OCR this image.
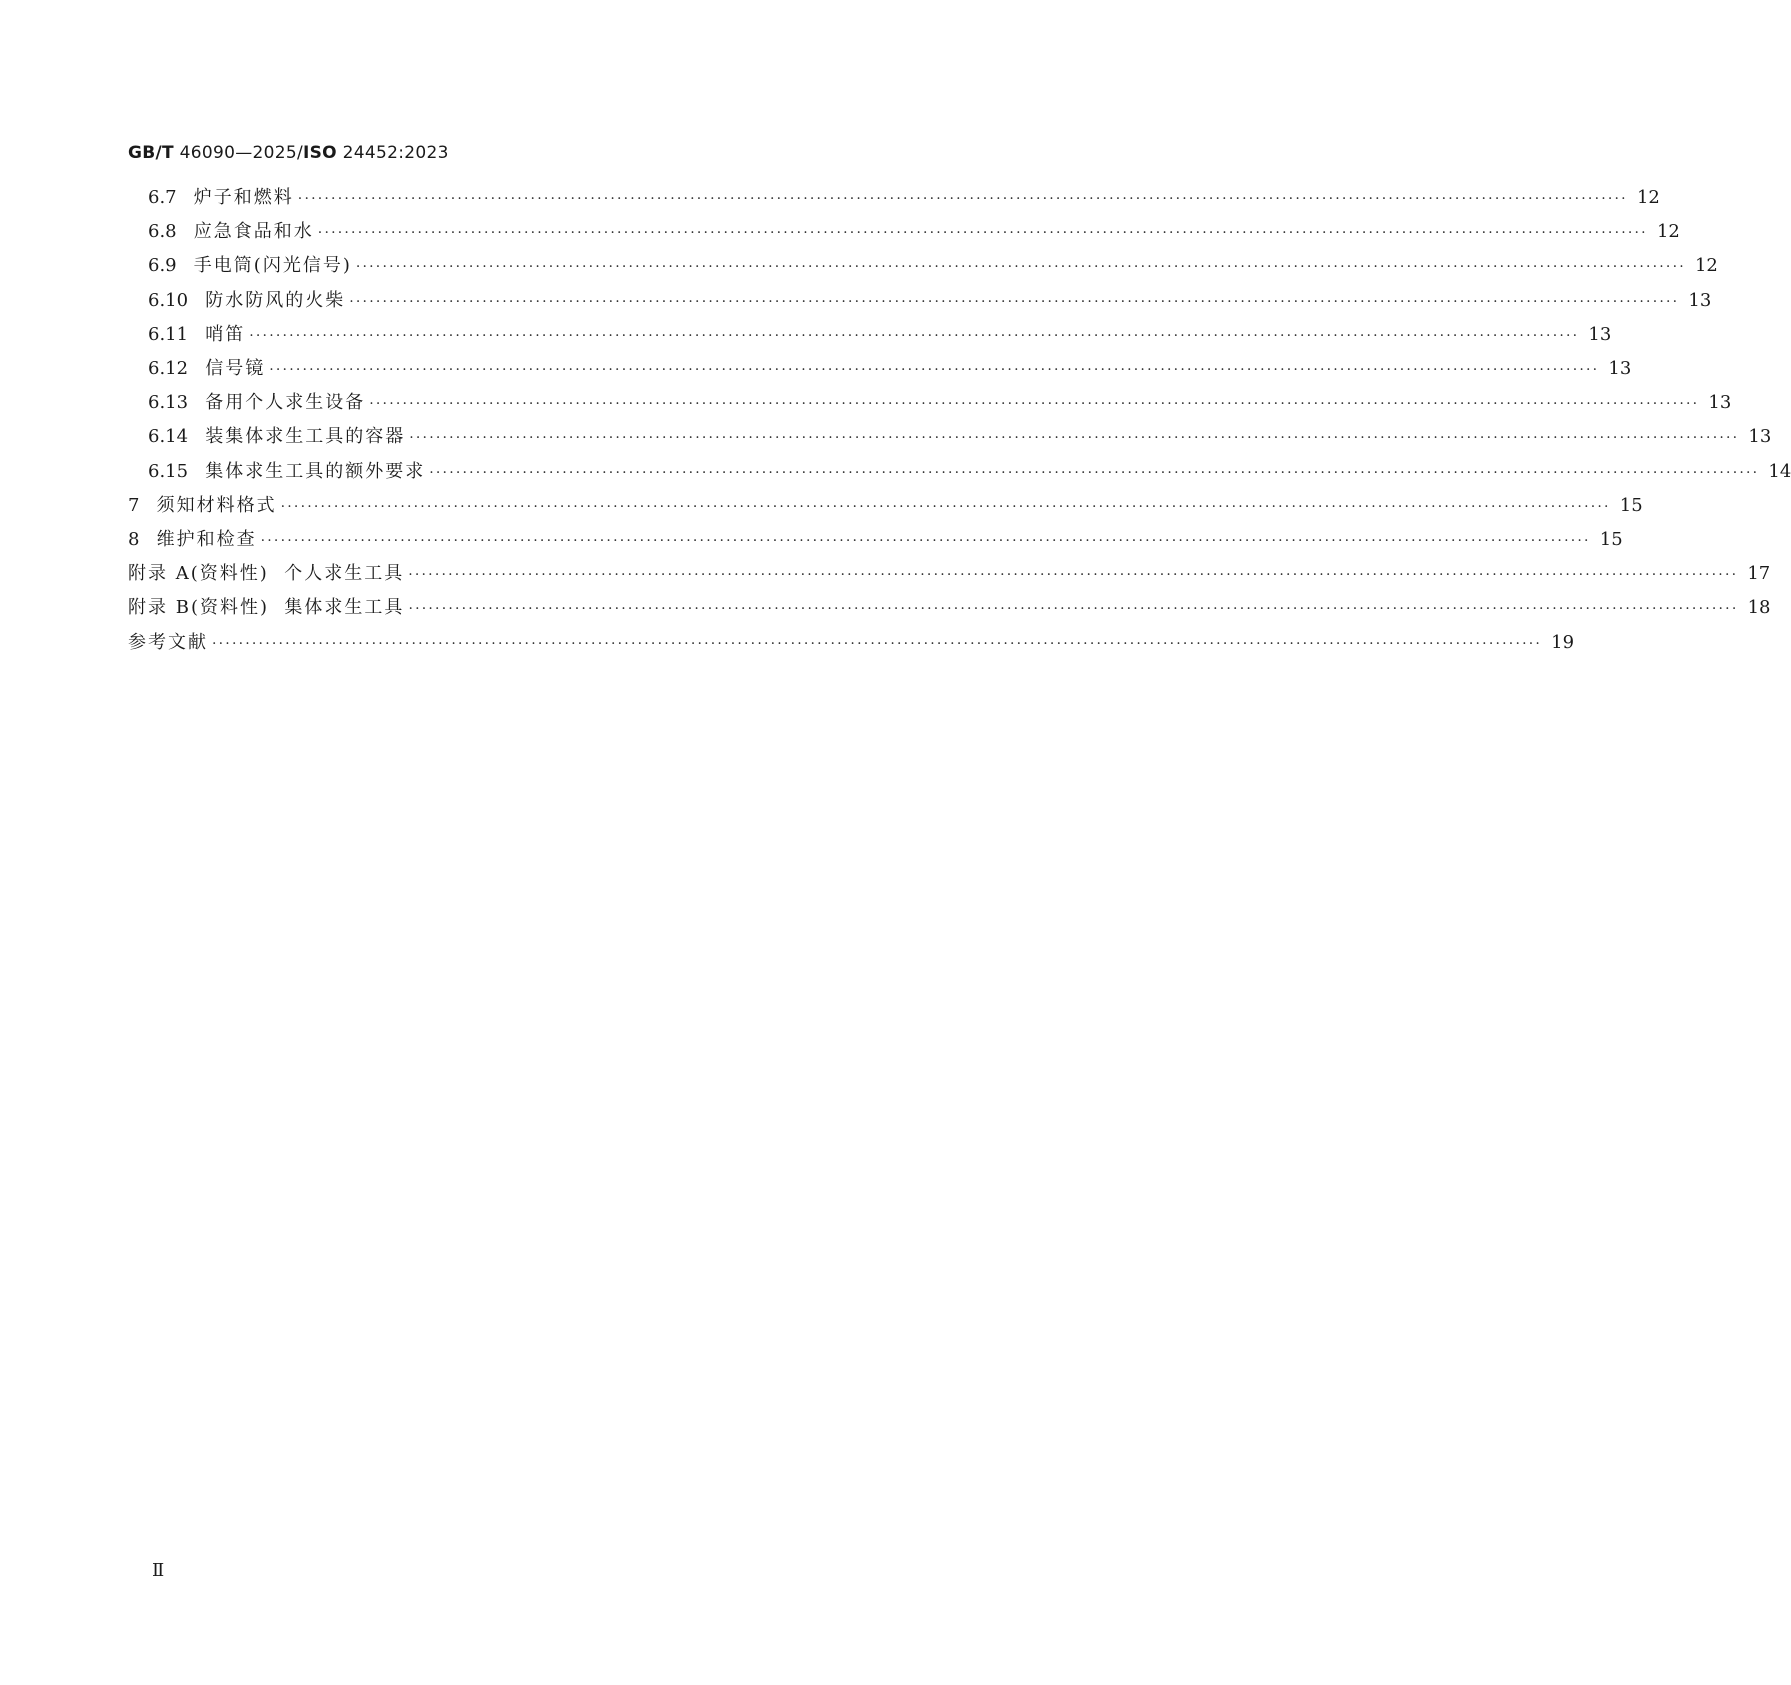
GB/T 46090—2025/ISO 24452:2023
6.7 炉子和燃料 ········································································································································································································ 12
6.8 应急食品和水 ········································································································································································································ 12
6.9 手电筒(闪光信号) ········································································································································································································ 12
6.10 防水防风的火柴 ········································································································································································································ 13
6.11 哨笛 ········································································································································································································ 13
6.12 信号镜 ········································································································································································································ 13
6.13 备用个人求生设备 ········································································································································································································ 13
6.14 装集体求生工具的容器 ········································································································································································································ 13
6.15 集体求生工具的额外要求 ········································································································································································································ 14
7 须知材料格式 ········································································································································································································ 15
8 维护和检查 ········································································································································································································ 15
附录 A(资料性)  个人求生工具 ········································································································································································································ 17
附录 B(资料性)  集体求生工具 ········································································································································································································ 18
参考文献 ········································································································································································································ 19
Ⅱ
